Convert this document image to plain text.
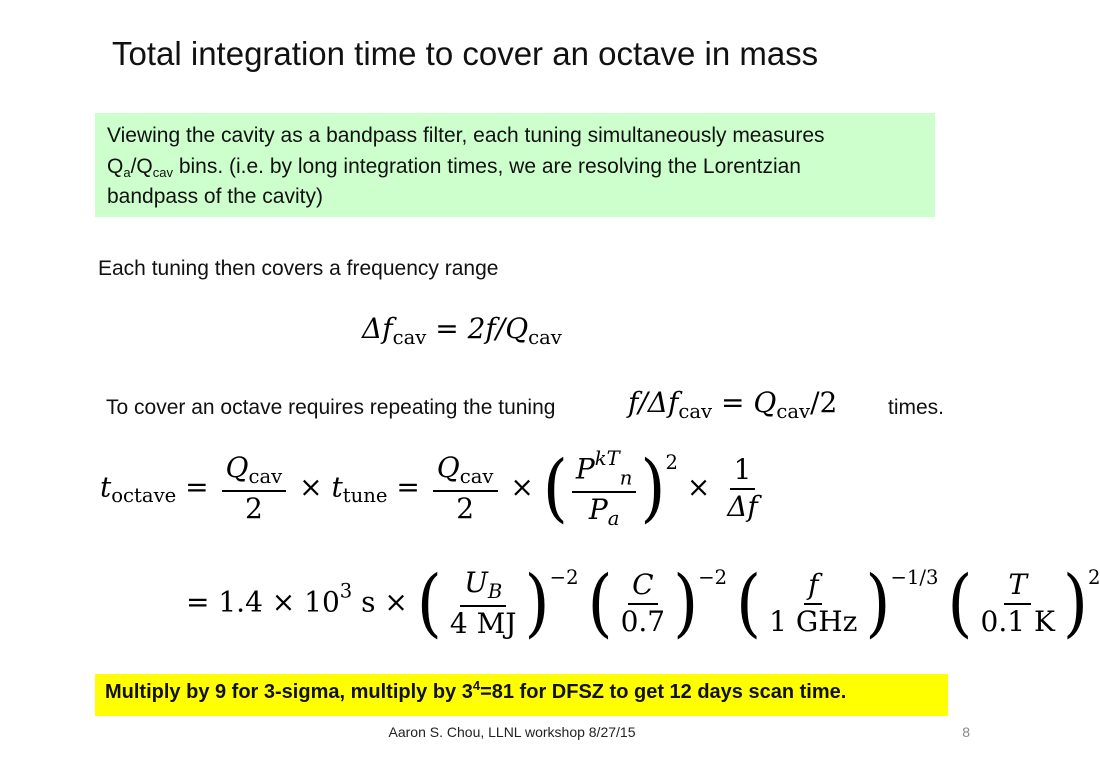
Total integration time to cover an octave in mass
Viewing the cavity as a bandpass filter, each tuning simultaneously measures
$Q_a/Q_{cav}$ bins. (i.e. by long integration times, we are resolving the Lorentzian
bandpass of the cavity)
Each tuning then covers a frequency range
$\Delta f_{cav} = 2f/Q_{cav}$
To cover an octave requires repeating the tuning	$f/\Delta f_{cav} = Q_{cav}/2$ times.
$t_{octave} = \frac{Q_{cav}}{2} \times t_{tune} = \frac{Q_{cav}}{2}$ × ( $\frac{P^{kT}_n}{P_a} )^2 \times \frac{1}{\Delta f}$
= $1.4 \times 10^3$ s × ( $\frac{U_B}{4 MJ} )^{-2}$ ( $\frac{C}{0.7} )^{-2}$ ( $\frac{f}{\text{1 GHz}} )^{-1/3}$ ( $\frac{T}{0.1 K} )^2$
Multiply by 9 for 3-sigma, multiply by $3^4=81$ for DFSZ to get 12 days scan time.
Aaron S. Chou, LLNL workshop 8/27/15	8
